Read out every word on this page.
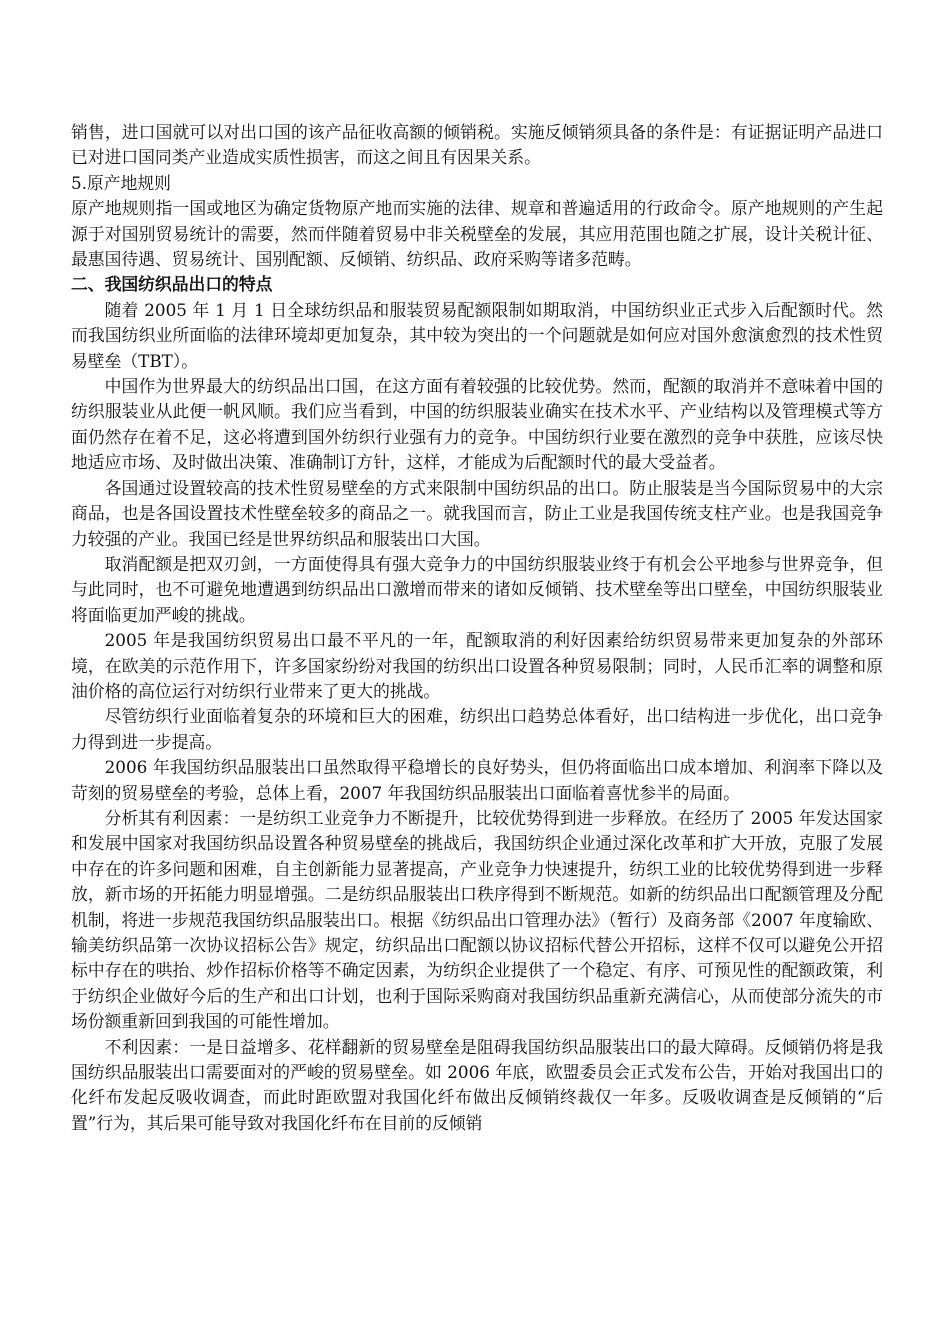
销售，进口国就可以对出口国的该产品征收高额的倾销税。实施反倾销须具备的条件是：有证据证明产品进口已对进口国同类产业造成实质性损害，而这之间且有因果关系。

5.原产地规则

原产地规则指一国或地区为确定货物原产地而实施的法律、规章和普遍适用的行政命令。原产地规则的产生起源于对国别贸易统计的需要，然而伴随着贸易中非关税壁垒的发展，其应用范围也随之扩展，设计关税计征、最惠国待遇、贸易统计、国别配额、反倾销、纺织品、政府采购等诸多范畴。

二、我国纺织品出口的特点

随着 2005 年 1 月 1 日全球纺织品和服装贸易配额限制如期取消，中国纺织业正式步入后配额时代。然而我国纺织业所面临的法律环境却更加复杂，其中较为突出的一个问题就是如何应对国外愈演愈烈的技术性贸易壁垒（TBT）。

中国作为世界最大的纺织品出口国，在这方面有着较强的比较优势。然而，配额的取消并不意味着中国的纺织服装业从此便一帆风顺。我们应当看到，中国的纺织服装业确实在技术水平、产业结构以及管理模式等方面仍然存在着不足，这必将遭到国外纺织行业强有力的竞争。中国纺织行业要在激烈的竞争中获胜，应该尽快地适应市场、及时做出决策、准确制订方针，这样，才能成为后配额时代的最大受益者。

各国通过设置较高的技术性贸易壁垒的方式来限制中国纺织品的出口。防止服装是当今国际贸易中的大宗商品，也是各国设置技术性壁垒较多的商品之一。就我国而言，防止工业是我国传统支柱产业。也是我国竞争力较强的产业。我国已经是世界纺织品和服装出口大国。

取消配额是把双刃剑，一方面使得具有强大竞争力的中国纺织服装业终于有机会公平地参与世界竞争，但与此同时，也不可避免地遭遇到纺织品出口激增而带来的诸如反倾销、技术壁垒等出口壁垒，中国纺织服装业将面临更加严峻的挑战。

2005 年是我国纺织贸易出口最不平凡的一年，配额取消的利好因素给纺织贸易带来更加复杂的外部环境，在欧美的示范作用下，许多国家纷纷对我国的纺织出口设置各种贸易限制；同时，人民币汇率的调整和原油价格的高位运行对纺织行业带来了更大的挑战。

尽管纺织行业面临着复杂的环境和巨大的困难，纺织出口趋势总体看好，出口结构进一步优化，出口竞争力得到进一步提高。

2006 年我国纺织品服装出口虽然取得平稳增长的良好势头，但仍将面临出口成本增加、利润率下降以及苛刻的贸易壁垒的考验，总体上看，2007 年我国纺织品服装出口面临着喜忧参半的局面。

分析其有利因素：一是纺织工业竞争力不断提升，比较优势得到进一步释放。在经历了 2005 年发达国家和发展中国家对我国纺织品设置各种贸易壁垒的挑战后，我国纺织企业通过深化改革和扩大开放，克服了发展中存在的许多问题和困难，自主创新能力显著提高，产业竞争力快速提升，纺织工业的比较优势得到进一步释放，新市场的开拓能力明显增强。二是纺织品服装出口秩序得到不断规范。如新的纺织品出口配额管理及分配机制，将进一步规范我国纺织品服装出口。根据《纺织品出口管理办法》（暂行）及商务部《2007 年度输欧、输美纺织品第一次协议招标公告》规定，纺织品出口配额以协议招标代替公开招标，这样不仅可以避免公开招标中存在的哄抬、炒作招标价格等不确定因素，为纺织企业提供了一个稳定、有序、可预见性的配额政策，利于纺织企业做好今后的生产和出口计划，也利于国际采购商对我国纺织品重新充满信心，从而使部分流失的市场份额重新回到我国的可能性增加。

不利因素：一是日益增多、花样翻新的贸易壁垒是阻碍我国纺织品服装出口的最大障碍。反倾销仍将是我国纺织品服装出口需要面对的严峻的贸易壁垒。如 2006 年底，欧盟委员会正式发布公告，开始对我国出口的化纤布发起反吸收调查，而此时距欧盟对我国化纤布做出反倾销终裁仅一年多。反吸收调查是反倾销的“后置”行为，其后果可能导致对我国化纤布在目前的反倾销
